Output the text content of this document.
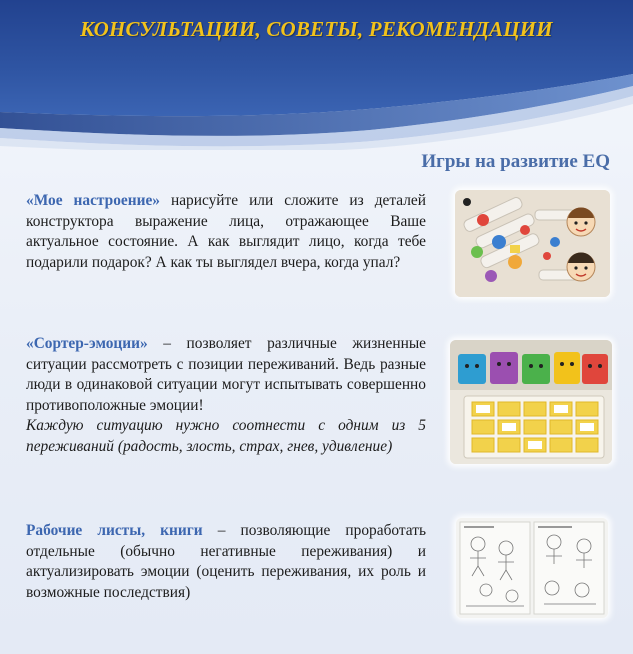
КОНСУЛЬТАЦИИ, СОВЕТЫ, РЕКОМЕНДАЦИИ
Игры на развитие EQ

«Мое настроение» нарисуйте или сложите из деталей конструктора выражение лица, отражающее Ваше актуальное состояние. А как выглядит лицо, когда тебе подарили подарок? А как ты выглядел вчера, когда упал?

«Сортер-эмоции» – позволяет различные жизненные ситуации рассмотреть с позиции переживаний. Ведь разные люди в одинаковой ситуации могут испытывать совершенно противоположные эмоции!

Каждую ситуацию нужно соотнести с одним из 5 переживаний (радость, злость, страх, гнев, удивление)

Рабочие листы, книги – позволяющие проработать отдельные (обычно негативные переживания) и актуализировать эмоции (оценить переживания, их роль и возможные последствия)
